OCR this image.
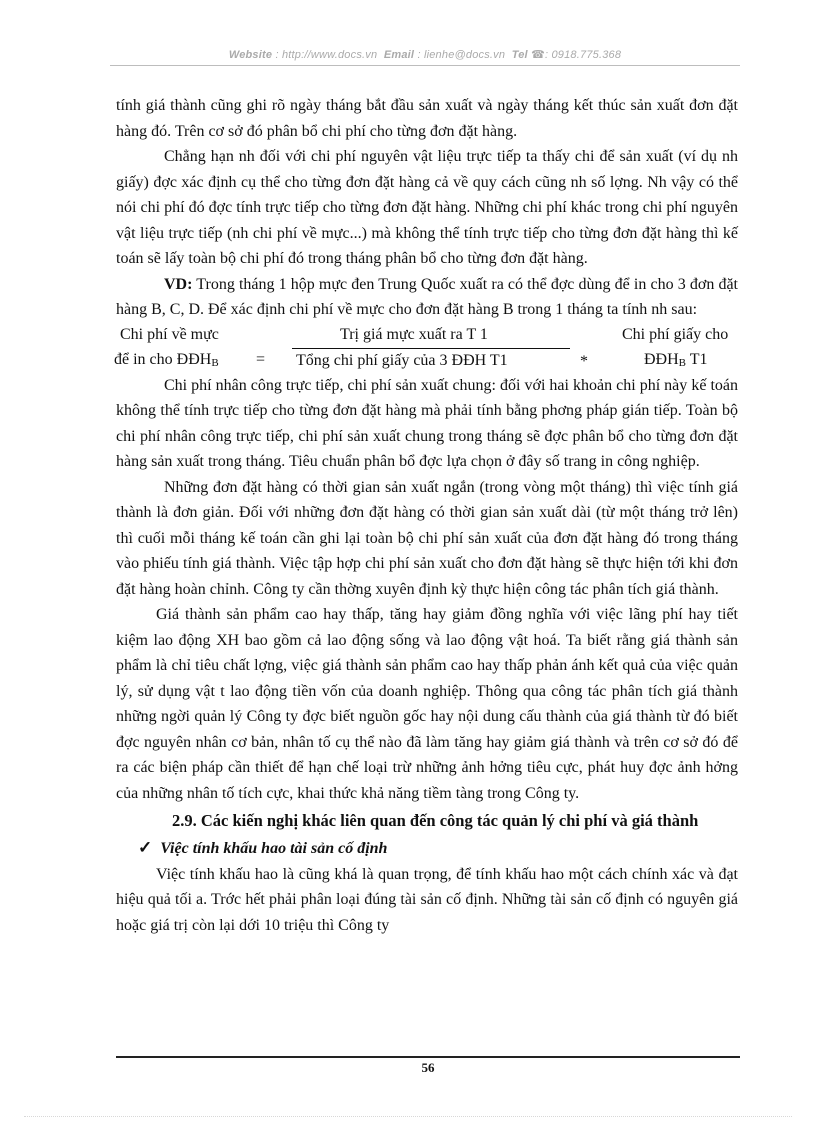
Website : http://www.docs.vn Email : lienhe@docs.vn Tel ☎: 0918.775.368

tính giá thành cũng ghi rõ ngày tháng bắt đầu sản xuất và ngày tháng kết thúc sản xuất đơn đặt hàng đó. Trên cơ sở đó phân bổ chi phí cho từng đơn đặt hàng.

Chẳng hạn nh đối với chi phí nguyên vật liệu trực tiếp ta thấy chi để sản xuất (ví dụ nh giấy) đợc xác định cụ thể cho từng đơn đặt hàng cả về quy cách cũng nh số lợng. Nh vậy có thể nói chi phí đó đợc tính trực tiếp cho từng đơn đặt hàng. Những chi phí khác trong chi phí nguyên vật liệu trực tiếp (nh chi phí về mực...) mà không thể tính trực tiếp cho từng đơn đặt hàng thì kế toán sẽ lấy toàn bộ chi phí đó trong tháng phân bổ cho từng đơn đặt hàng.

VD: Trong tháng 1 hộp mực đen Trung Quốc xuất ra có thể đợc dùng để in cho 3 đơn đặt hàng B, C, D. Để xác định chi phí về mực cho đơn đặt hàng B trong 1 tháng ta tính nh sau:

Chi phí về mực
để in cho ĐĐHB =
Trị giá mực xuất ra T 1
Tổng chi phí giấy của 3 ĐĐH T1	*
Chi phí giấy cho
ĐĐHB T1

Chi phí nhân công trực tiếp, chi phí sản xuất chung: đối với hai khoản chi phí này kế toán không thể tính trực tiếp cho từng đơn đặt hàng mà phải tính bằng phơng pháp gián tiếp. Toàn bộ chi phí nhân công trực tiếp, chi phí sản xuất chung trong tháng sẽ đợc phân bổ cho từng đơn đặt hàng sản xuất trong tháng. Tiêu chuẩn phân bổ đợc lựa chọn ở đây số trang in công nghiệp.

Những đơn đặt hàng có thời gian sản xuất ngắn (trong vòng một tháng) thì việc tính giá thành là đơn giản. Đối với những đơn đặt hàng có thời gian sản xuất dài (từ một tháng trở lên) thì cuối mỗi tháng kế toán cần ghi lại toàn bộ chi phí sản xuất của đơn đặt hàng đó trong tháng vào phiếu tính giá thành. Việc tập hợp chi phí sản xuất cho đơn đặt hàng sẽ thực hiện tới khi đơn đặt hàng hoàn chỉnh. Công ty cần thờng xuyên định kỳ thực hiện công tác phân tích giá thành.

Giá thành sản phẩm cao hay thấp, tăng hay giảm đồng nghĩa với việc lãng phí hay tiết kiệm lao động XH bao gồm cả lao động sống và lao động vật hoá. Ta biết rằng giá thành sản phẩm là chỉ tiêu chất lợng, việc giá thành sản phẩm cao hay thấp phản ánh kết quả của việc quản lý, sử dụng vật t lao động tiền vốn của doanh nghiệp. Thông qua công tác phân tích giá thành những ngời quản lý Công ty đợc biết nguồn gốc hay nội dung cấu thành của giá thành từ đó biết đợc nguyên nhân cơ bản, nhân tố cụ thể nào đã làm tăng hay giảm giá thành và trên cơ sở đó để ra các biện pháp cần thiết để hạn chế loại trừ những ảnh hởng tiêu cực, phát huy đợc ảnh hởng của những nhân tố tích cực, khai thức khả năng tiềm tàng trong Công ty.

2.9. Các kiến nghị khác liên quan đến công tác quản lý chi phí và giá thành

✓ Việc tính khấu hao tài sản cố định

Việc tính khấu hao là cũng khá là quan trọng, để tính khấu hao một cách chính xác và đạt hiệu quả tối a. Trớc hết phải phân loại đúng tài sản cố định. Những tài sản cố định có nguyên giá hoặc giá trị còn lại dới 10 triệu thì Công ty

56
